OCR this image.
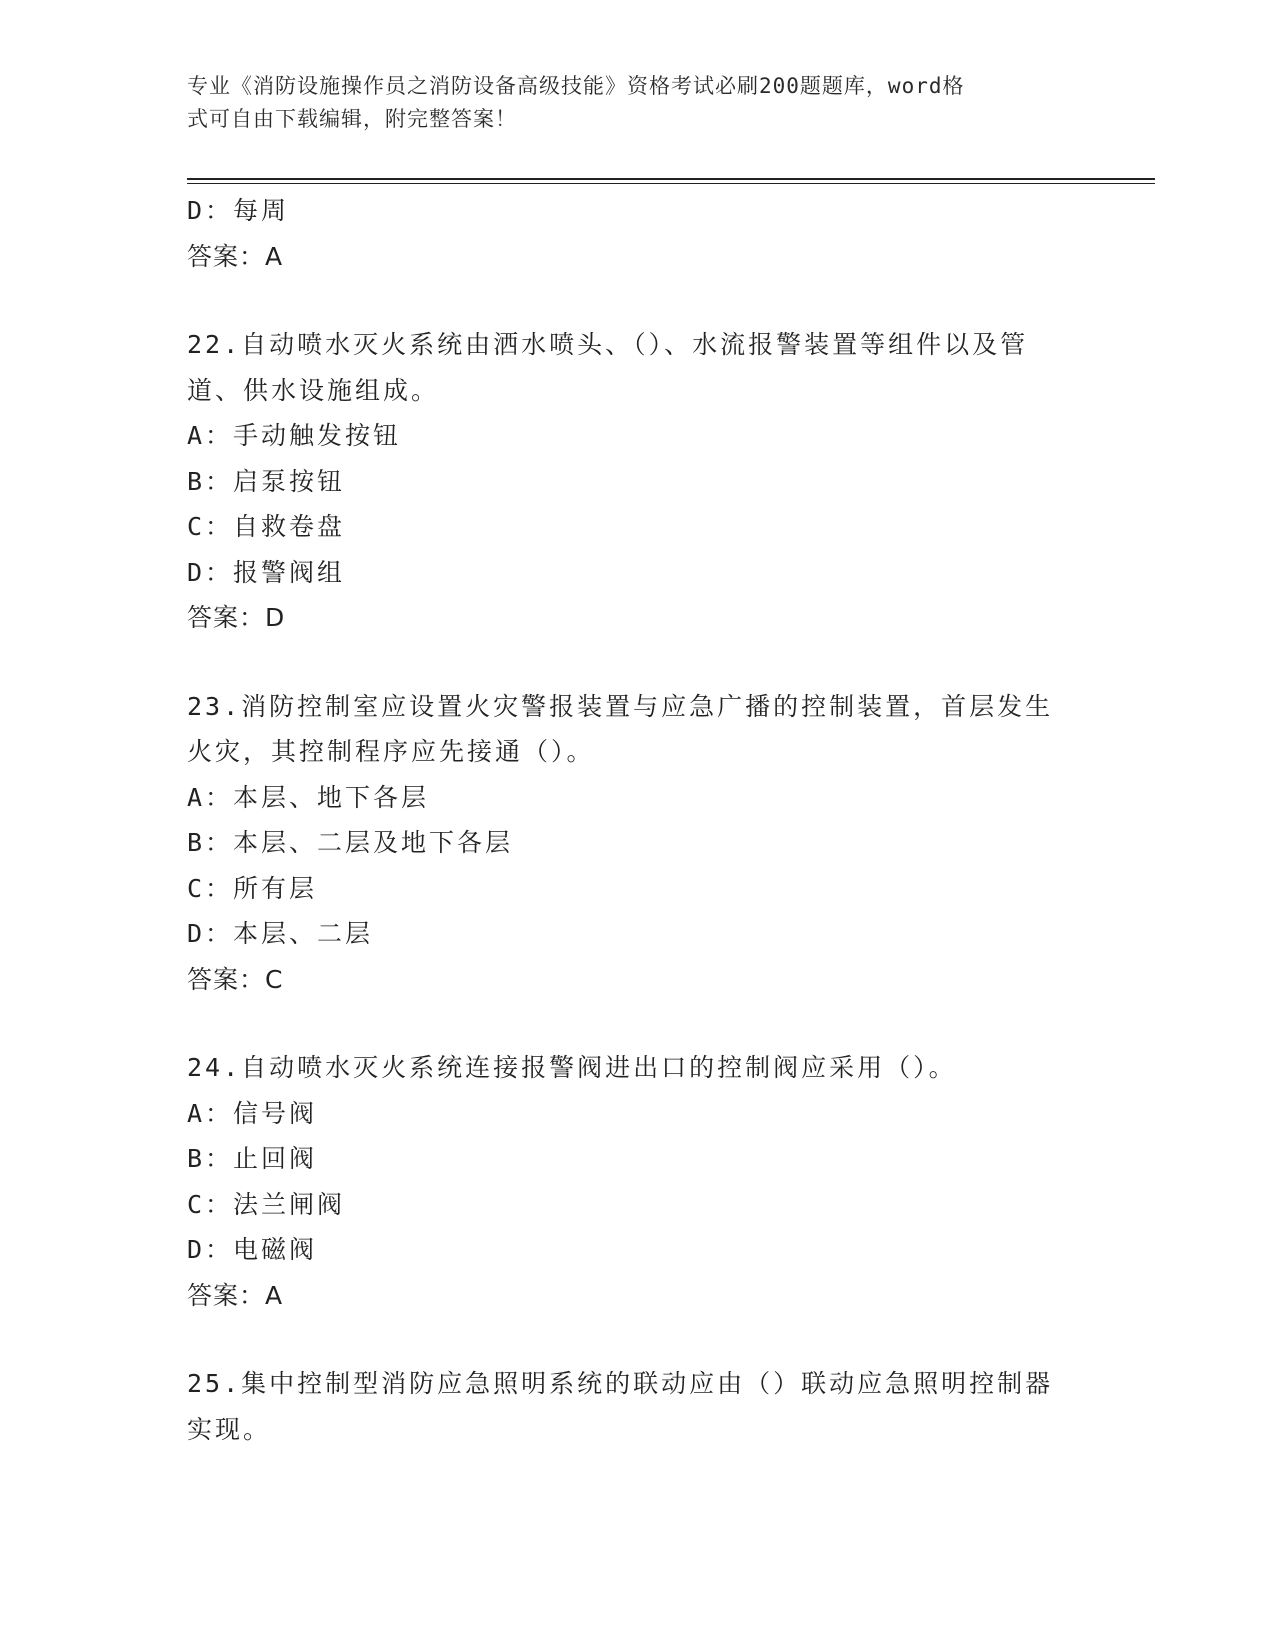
专业《消防设施操作员之消防设备高级技能》资格考试必刷200题题库，word格
式可自由下载编辑，附完整答案！
D：每周
答案：A
22.自动喷水灭火系统由洒水喷头、（）、水流报警装置等组件以及管
道、供水设施组成。
A：手动触发按钮
B：启泵按钮
C：自救卷盘
D：报警阀组
答案：D
23.消防控制室应设置火灾警报装置与应急广播的控制装置，首层发生
火灾，其控制程序应先接通（）。
A：本层、地下各层
B：本层、二层及地下各层
C：所有层
D：本层、二层
答案：C
24.自动喷水灭火系统连接报警阀进出口的控制阀应采用（）。
A：信号阀
B：止回阀
C：法兰闸阀
D：电磁阀
答案：A
25.集中控制型消防应急照明系统的联动应由（）联动应急照明控制器
实现。
